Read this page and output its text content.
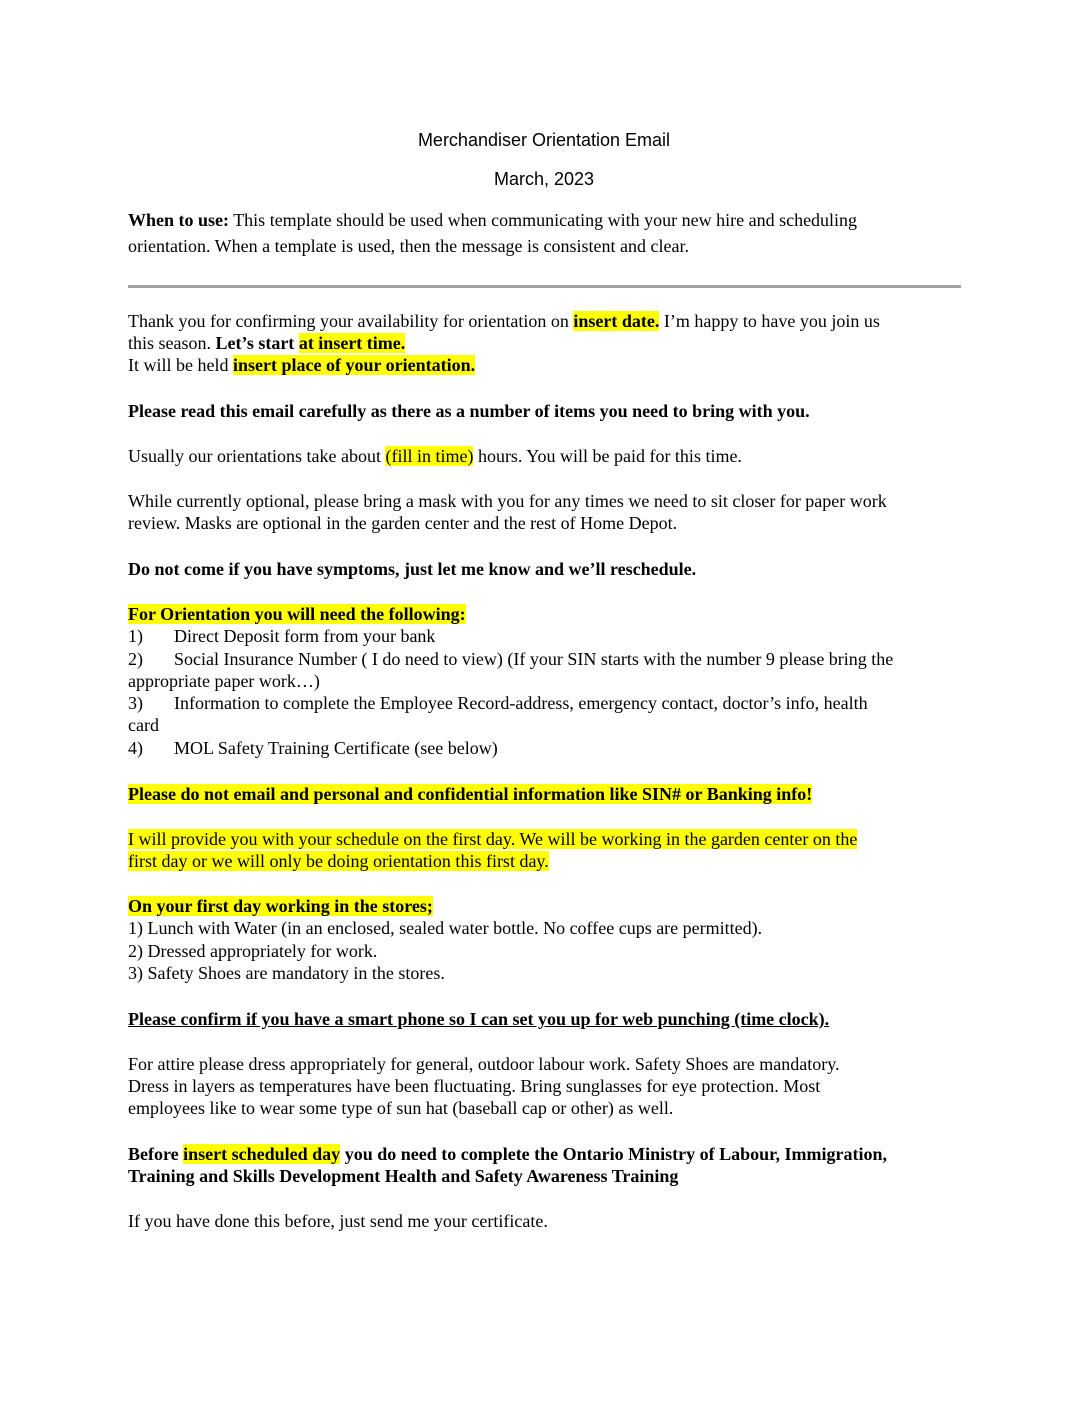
Merchandiser Orientation Email
March, 2023
When to use: This template should be used when communicating with your new hire and scheduling
orientation. When a template is used, then the message is consistent and clear.
Thank you for confirming your availability for orientation on insert date. I’m happy to have you join us
this season. Let’s start at insert time.
It will be held insert place of your orientation.
Please read this email carefully as there as a number of items you need to bring with you.
Usually our orientations take about (fill in time) hours. You will be paid for this time.
While currently optional, please bring a mask with you for any times we need to sit closer for paper work
review. Masks are optional in the garden center and the rest of Home Depot.
Do not come if you have symptoms, just let me know and we’ll reschedule.
For Orientation you will need the following:
1) Direct Deposit form from your bank
2) Social Insurance Number ( I do need to view) (If your SIN starts with the number 9 please bring the
appropriate paper work…)
3) Information to complete the Employee Record-address, emergency contact, doctor’s info, health
card
4) MOL Safety Training Certificate (see below)
Please do not email and personal and confidential information like SIN# or Banking info!
I will provide you with your schedule on the first day. We will be working in the garden center on the
first day or we will only be doing orientation this first day.
On your first day working in the stores;
1) Lunch with Water (in an enclosed, sealed water bottle. No coffee cups are permitted).
2) Dressed appropriately for work.
3) Safety Shoes are mandatory in the stores.
Please confirm if you have a smart phone so I can set you up for web punching (time clock).
For attire please dress appropriately for general, outdoor labour work. Safety Shoes are mandatory.
Dress in layers as temperatures have been fluctuating. Bring sunglasses for eye protection. Most
employees like to wear some type of sun hat (baseball cap or other) as well.
Before insert scheduled day you do need to complete the Ontario Ministry of Labour, Immigration,
Training and Skills Development Health and Safety Awareness Training
If you have done this before, just send me your certificate.
